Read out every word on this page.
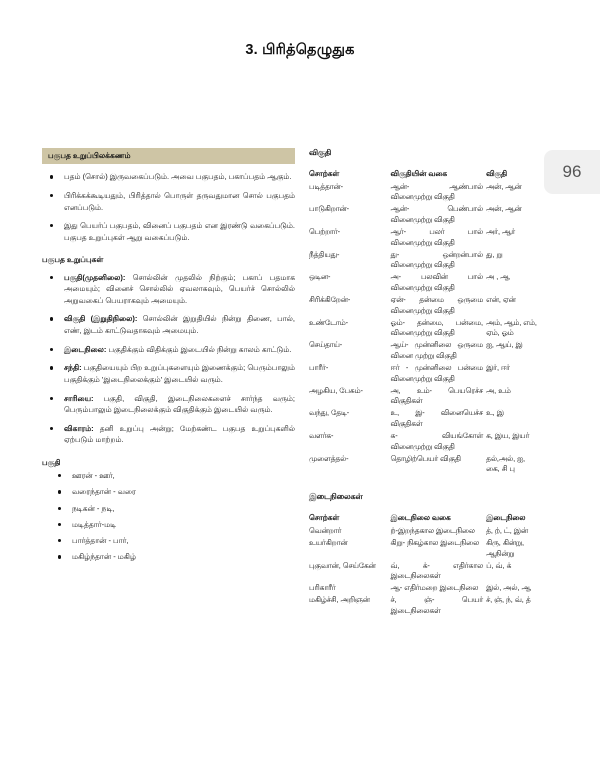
3. பிரித்தெழுதுக
96
பகுபத உறுப்பிலக்கணம்
பதம் (சொல்) இருவகைப்படும். அவை பகுபதம், பகாப்பதம் ஆகும்.
பிரிக்கக்கூடியதும், பிரித்தால் பொருள் தருவதுமான சொல் பகுபதம் எனப்படும்.
இது பெயர்ப் பகுபதம், வினைப் பகுபதம் என இரண்டு வகைப்படும். பகுபத உறுப்புகள் ஆறு வகைப்படும்.
பகுபத உறுப்புகள்
பகுதி(முதனிலை): சொல்லின் முதலில் நிற்கும்; பகாப் பதமாக அமையும்; வினைச் சொல்லில் ஏவலாகவும், பெயர்ச் சொல்லில் அறுவகைப் பெயராகவும் அமையும்.
விகுதி (இறுதிநிலை): சொல்லின் இறுதியில் நின்று திணை, பால், எண், இடம் காட்டுவதாகவும் அமையும்.
இடைநிலை: பகுதிக்கும் விதிக்கும் இடையில் நின்று காலம் காட்டும்.
சந்தி: பகுதியையும் பிற உறுப்புகளையும் இணைக்கும்; பெரும்பாலும் பகுதிக்கும் 'இடைநிலைக்கும்' இடையில் வரும்.
சாரியை: பகுதி, விகுதி, இடைநிலைகளைச் சார்ந்த வரும்; பெரும்பாலும் இடைநிலைக்கும் விகுதிக்கும் இடையில் வரும்.
விகாரம்: தனி உறுப்பு அன்று; மேற்கண்ட பகுபத உறுப்புகளில் ஏற்படும் மாற்றம்.
பகுதி
ஊரன் - ஊர்,
வரைந்தான் - வரை
நடிகன் - நடி,
மடித்தார்-மடி
பார்த்தான் - பார்,
மகிழ்ந்தான் - மகிழ்
விகுதி
சொற்கள்	விகுதியின் வகை	விகுதி
படித்தான்-	ஆன்- ஆண்பால் வினைமுற்று விகுதி	அன், ஆன்
பாடுகிறான்-	ஆன்- பெண்பால் வினைமுற்று விகுதி	அன், ஆன்
பெற்றார்-	ஆர்- பலர் பால் வினைமுற்று விகுதி	அர், ஆர்
நீத்தியது-	து- ஒன்றன்பால் வினைமுற்று விகுதி	து, று
ஒடின-	அ- பலவின் பால் வினைமுற்று விகுதி	அ , ஆ
சிரிக்கிறேன்-	ஏன்- தன்மை ஒருமை வினைமுற்று விகுதி	என், ஏன்
உண்டோம்-	ஓம்- தன்மை, பன்மை, வினைமுற்று விகுதி	அம், ஆம், எம், ஏம், ஓம்
செய்தாய்-	ஆய்- முன்னிலை ஒருமை வினை முற்று விகுதி	ஐ, ஆய், இ
பாரீர்-	ஈர் - முன்னிலை பன்மை வினைமுற்று விகுதி	இர், ஈர்
அழகிய, பேசும்-	அ, உம்- பெயரெச்ச விகுதிகள்	அ, உம்
வந்து, தேடி-	உ, இ- வினையெச்ச விகுதிகள்	உ, இ
வளர்க-	க- வியங்கோள் வினைமுற்று விகுதி	க, இய, இயர்
முளைத்தல்-	தொழிற்பெயர் விகுதி	தல்,அல், ஐ, கை, சி பு
இடைநிலைகள்
சொற்கள்	இடைநிலை வகை	இடைநிலை
வென்றார்	ற்-இறந்தகால இடைநிலை	த், ற், ட், இன்
உயர்கிறான்	கிறு- நிகழ்கால இடைநிலை	கிரு, கின்று, ஆநின்று
புகுவான், செய்கேன்	வ், க்- எதிர்கால இடைநிலைகள்	ப், வ், க்
பரிகாரீர்	ஆ- எதிர்மறை இடைநிலை	இல், அல், ஆ
மகிழ்ச்சி, அறிஞன்	ச், ஞ்- பெயர் இடைநிலைகள்	ச், ஞ், ந், வ், த்
